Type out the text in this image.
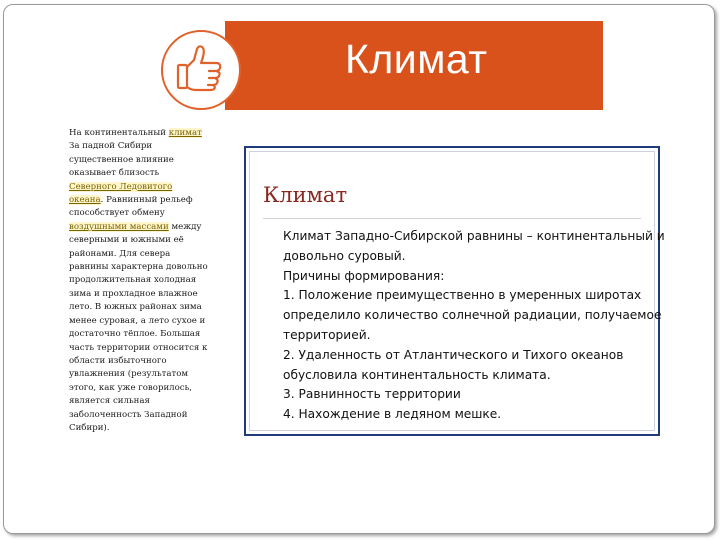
Климат

На континентальный климат За падной Сибири существенное влияние оказывает близость Северного Ледовитого океана. Равнинный рельеф способствует обмену воздушными массами между северными и южными её районами. Для севера равнины характерна довольно продолжительная холодная зима и прохладное влажное лето. В южных районах зима менее суровая, а лето сухое и достаточно тёплое. Большая часть территории относится к области избыточного увлажнения (результатом этого, как уже говорилось, является сильная заболоченность Западной Сибири).

Климат
Климат Западно-Сибирской равнины – континентальный и
довольно суровый.
Причины формирования:
1. Положение преимущественно в умеренных широтах
определило количество солнечной радиации, получаемое
территорией.
2. Удаленность от Атлантического и Тихого океанов
обусловила континентальность климата.
3. Равнинность территории
4. Нахождение в ледяном мешке.
